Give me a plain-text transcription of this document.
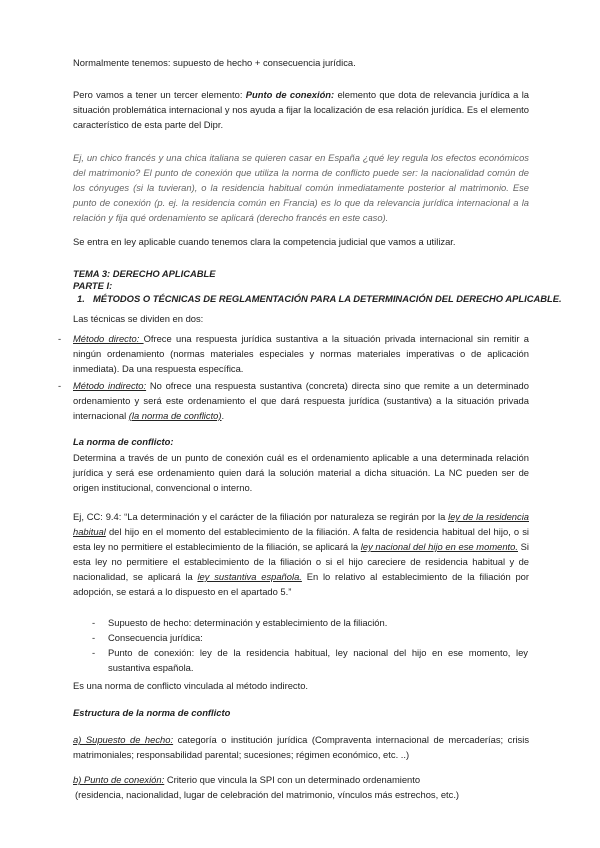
Normalmente tenemos: supuesto de hecho + consecuencia jurídica.

Pero vamos a tener un tercer elemento: Punto de conexión: elemento que dota de relevancia jurídica a la situación problemática internacional y nos ayuda a fijar la localización de esa relación jurídica. Es el elemento característico de esta parte del Dipr.

Ej, un chico francés y una chica italiana se quieren casar en España ¿qué ley regula los efectos económicos del matrimonio? El punto de conexión que utiliza la norma de conflicto puede ser: la nacionalidad común de los cónyuges (si la tuvieran), o la residencia habitual común inmediatamente posterior al matrimonio. Ese punto de conexión (p. ej. la residencia común en Francia) es lo que da relevancia jurídica internacional a la relación y fija qué ordenamiento se aplicará (derecho francés en este caso).

Se entra en ley aplicable cuando tenemos clara la competencia judicial que vamos a utilizar.

TEMA 3: DERECHO APLICABLE

PARTE I:

1. MÉTODOS O TÉCNICAS DE REGLAMENTACIÓN PARA LA DETERMINACIÓN DEL DERECHO APLICABLE.

Las técnicas se dividen en dos:

- Método directo: Ofrece una respuesta jurídica sustantiva a la situación privada internacional sin remitir a ningún ordenamiento (normas materiales especiales y normas materiales imperativas o de aplicación inmediata). Da una respuesta específica.

- Método indirecto: No ofrece una respuesta sustantiva (concreta) directa sino que remite a un determinado ordenamiento y será este ordenamiento el que dará respuesta jurídica (sustantiva) a la situación privada internacional (la norma de conflicto).

La norma de conflicto:

Determina a través de un punto de conexión cuál es el ordenamiento aplicable a una determinada relación jurídica y será ese ordenamiento quien dará la solución material a dicha situación. La NC pueden ser de origen institucional, convencional o interno.

Ej, CC: 9.4: “La determinación y el carácter de la filiación por naturaleza se regirán por la ley de la residencia habitual del hijo en el momento del establecimiento de la filiación. A falta de residencia habitual del hijo, o si esta ley no permitiere el establecimiento de la filiación, se aplicará la ley nacional del hijo en ese momento. Si esta ley no permitiere el establecimiento de la filiación o si el hijo careciere de residencia habitual y de nacionalidad, se aplicará la ley sustantiva española. En lo relativo al establecimiento de la filiación por adopción, se estará a lo dispuesto en el apartado 5.”

- Supuesto de hecho: determinación y establecimiento de la filiación.

- Consecuencia jurídica:

- Punto de conexión: ley de la residencia habitual, ley nacional del hijo en ese momento, ley sustantiva española.

Es una norma de conflicto vinculada al método indirecto.

Estructura de la norma de conflicto

a) Supuesto de hecho: categoría o institución jurídica (Compraventa internacional de mercaderías; crisis matrimoniales; responsabilidad parental; sucesiones; régimen económico, etc. ..)

b) Punto de conexión: Criterio que vincula la SPI con un determinado ordenamiento

(residencia, nacionalidad, lugar de celebración del matrimonio, vínculos más estrechos, etc.)
